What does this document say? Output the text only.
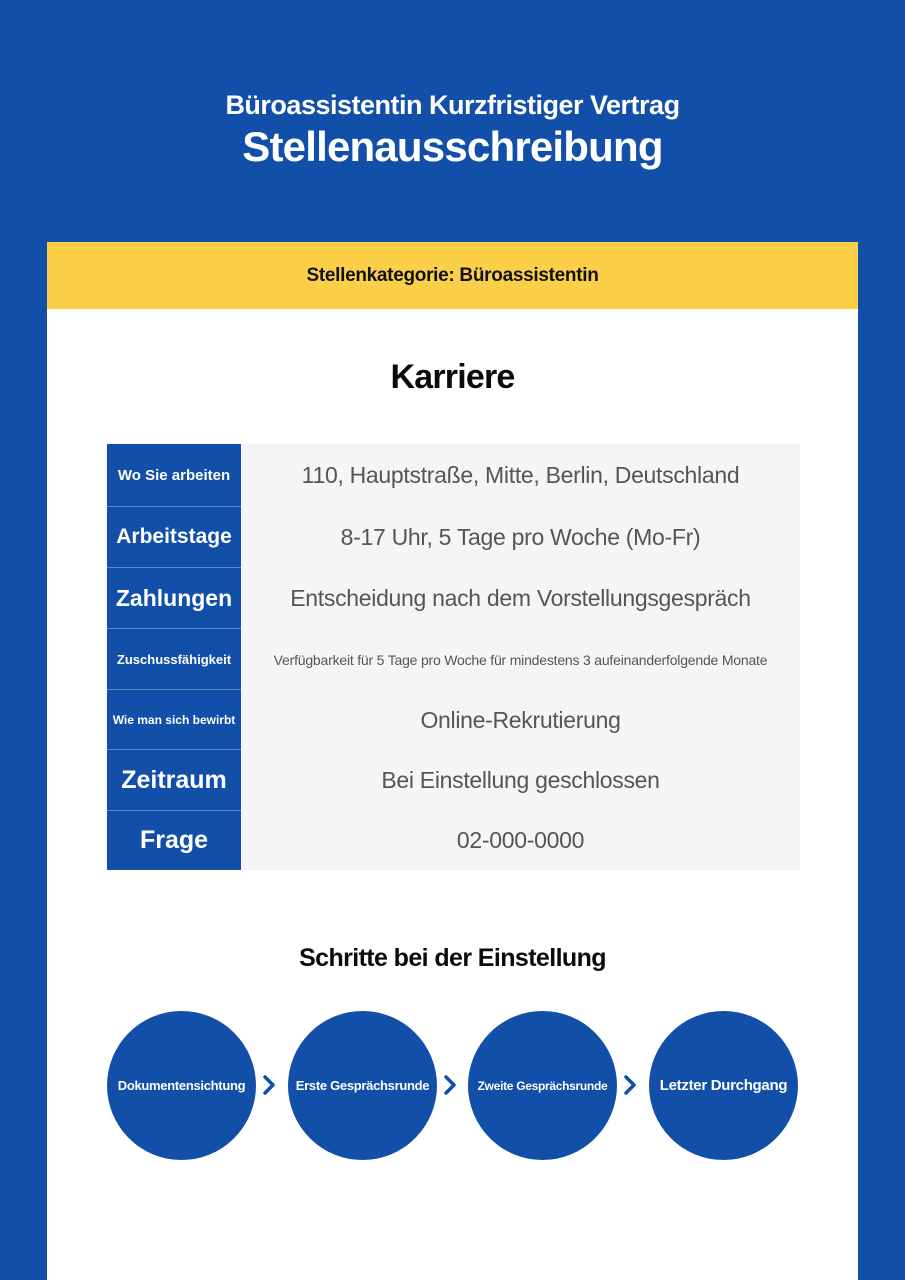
Büroassistentin Kurzfristiger Vertrag
Stellenausschreibung
Stellenkategorie: Büroassistentin
Karriere
Wo Sie arbeiten	110, Hauptstraße, Mitte, Berlin, Deutschland
Arbeitstage	8-17 Uhr, 5 Tage pro Woche (Mo-Fr)
Zahlungen	Entscheidung nach dem Vorstellungsgespräch
Zuschussfähigkeit	Verfügbarkeit für 5 Tage pro Woche für mindestens 3 aufeinanderfolgende Monate
Wie man sich bewirbt	Online-Rekrutierung
Zeitraum	Bei Einstellung geschlossen
Frage	02-000-0000
Schritte bei der Einstellung
Dokumentensichtung	Erste Gesprächsrunde	Zweite Gesprächsrunde	Letzter Durchgang
